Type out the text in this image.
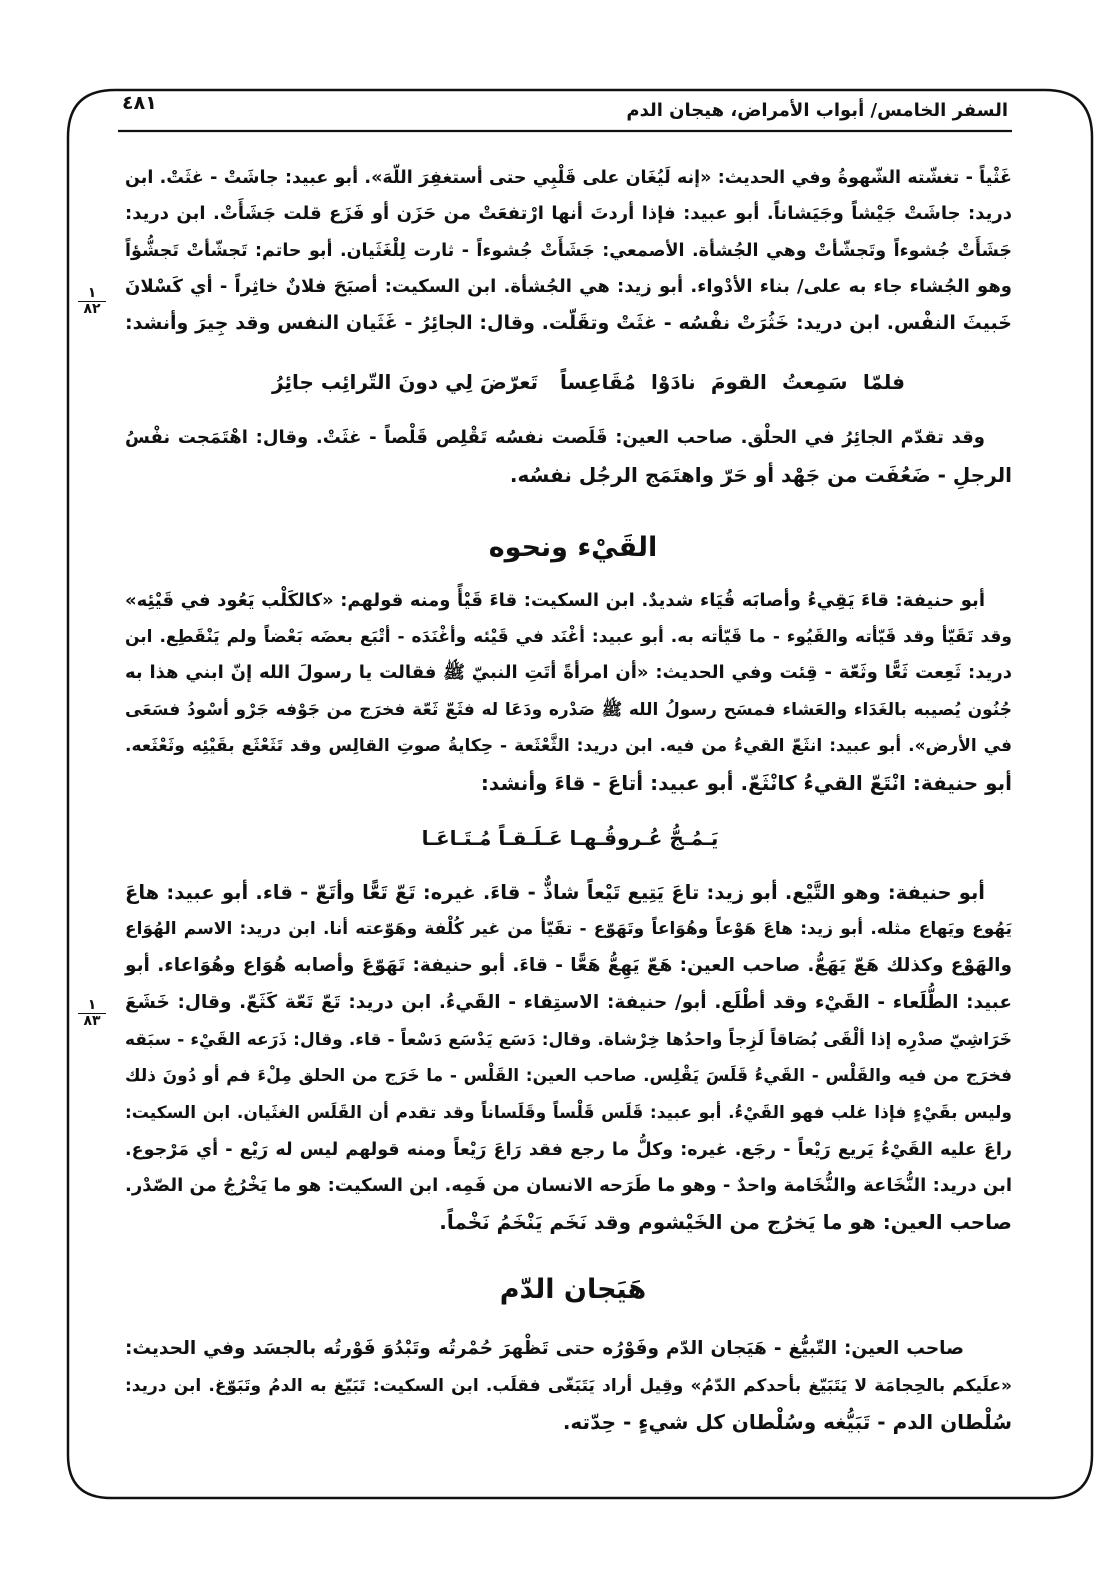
السفر الخامس/ أبواب الأمراض، هيجان الدم
٤٨١
١
٨٢
١
٨٣
غَثْياً - تغشّته الشّهوةُ وفي الحديث: «إنه لَيُغَان على قَلْبِي حتى أستغفِرَ اللّهَ». أبو عبيد: جاشَتْ - غثَتْ. ابن
دريد: جاشَتْ جَيْشاً وجَيَشاناً. أبو عبيد: فإذا أردتَ أنها ارْتفعَتْ من حَزَن أو فَزَع قلت جَشَأَتْ. ابن دريد:
جَشَأَتْ جُشوءاً وتَجشّأتْ وهي الجُشأة. الأصمعي: جَشَأَتْ جُشوءاً - ثارت لِلْغَثَيان. أبو حاتم: تَجشّأتْ تَجشُّؤاً
وهو الجُشاء جاء به على/ بناء الأدْواء. أبو زيد: هي الجُشأة. ابن السكيت: أصبَحَ فلانٌ خاثِراً - أي كَسْلانَ
خَبيثَ النفْس. ابن دريد: خَثُرَتْ نفْسُه - غثَتْ وتقَلّت. وقال: الجائِرُ - غَثَيان النفس وقد جِيرَ وأنشد:
فلمّا سَمِعتُ القومَ نادَوْا مُقَاعِساً
تَعرّضَ لِي دونَ التّرائِب جائِرُ
وقد تقدّم الجائِرُ في الحلْق. صاحب العين: قَلَصت نفسُه تَقْلِص قَلْصاً - غثَتْ. وقال: اهْتَمَجت نفْسُ
الرجلِ - ضَعُفَت من جَهْد أو حَرّ واهتَمَج الرجُل نفسُه.
القَيْء ونحوه
أبو حنيفة: قاءَ يَقِيءُ وأصابَه قُيَاء شديدٌ. ابن السكيت: قاءَ قَيْأً ومنه قولهم: «كالكَلْب يَعُود في قَيْئِه»
وقد تَقَيّأ وقد قَيّأته والقَيُوء - ما قَيّأته به. أبو عبيد: أغْنَد في قَيْئه وأغْنَدَه - أتْبَع بعضَه بَعْضاً ولم يَنْقَطِع. ابن
دريد: ثَعِعت ثَعًّا وثَعّة - قِئت وفي الحديث: «أن امرأةً أتَتِ النبيّ ﷺ فقالت يا رسولَ الله إنّ ابني هذا به
جُنُون يُصيبه بالغَدَاء والعَشاء فمسَح رسولُ الله ﷺ صَدْره ودَعَا له فثَعّ ثَعّة فخرَج من جَوْفه جَرْو أسْودُ فسَعَى
في الأرض». أبو عبيد: انثَعّ القيءُ من فيه. ابن دريد: الثَّعْثَعة - حِكايةُ صوتِ القالِس وقد تَثَعْثَع بقَيْئِه وثَعْثَعه.
أبو حنيفة: انْتَعّ القيءُ كانْثَعّ. أبو عبيد: أتاعَ - قاءَ وأنشد:
يَـمُـجُّ عُـروقُـهـا عَـلَـقـاً مُـتَـاعَـا
أبو حنيفة: وهو التَّيْع. أبو زيد: تاعَ يَتِيع تَيْعاً شاذٌّ - قاءَ. غيره: تَعّ تَعًّا وأتَعّ - قاء. أبو عبيد: هاعَ
يَهُوع ويَهاع مثله. أبو زيد: هاعَ هَوْعاً وهُوَاعاً وتَهَوّع - تقَيّأ من غير كُلْفة وهَوّعته أنا. ابن دريد: الاسم الهُوَاع
والهَوْع وكذلك هَعّ يَهَعُّ. صاحب العين: هَعّ يَهِعُّ هَعًّا - قاءَ. أبو حنيفة: تَهَوّعَ وأصابه هُوَاع وهُوَاعاء. أبو
عبيد: الطُّلَعاء - القَيْء وقد أطْلَع. أبو/ حنيفة: الاستِقاء - القَيءُ. ابن دريد: تَعّ تَعّة كَثَعّ. وقال: خَشَعَ
خَرَاشِيّ صدْرِه إذا ألْقَى بُصَاقاً لَزِجاً واحدُها خِرْشاة. وقال: دَسَع يَدْسَع دَسْعاً - قاء. وقال: ذَرَعه القَيْء - سبَقه
فخرَج من فيه والقَلْس - القَيءُ قَلَسَ يَقْلِس. صاحب العين: القَلْس - ما خَرَج من الحلق مِلْءَ فم أو دُونَ ذلك
وليس بقَيْءٍ فإذا غلب فهو القَيْءُ. أبو عبيد: قَلَس قَلْساً وقَلَساناً وقد تقدم أن القَلَس الغثَيان. ابن السكيت:
راعَ عليه القَيْءُ يَريع رَيْعاً - رجَع. غيره: وكلُّ ما رجع فقد رَاعَ رَيْعاً ومنه قولهم ليس له رَيْع - أي مَرْجوع.
ابن دريد: النُّخَاعة والنُّخَامة واحدٌ - وهو ما طَرَحه الانسان من فَمِه. ابن السكيت: هو ما يَخْرُجُ من الصّدْر.
صاحب العين: هو ما يَخرُج من الخَيْشوم وقد نَخَم يَنْخَمُ نَخْماً.
هَيَجان الدّم
صاحب العين: التّبيُّغ - هَيَجان الدّم وفَوْرُه حتى تَظْهرَ حُمْرتُه وتَبْدُوَ فَوْرتُه بالجسَد وفي الحديث:
«علَيكم بالحِجامَة لا يَتَبَيّغ بأحدكم الدّمُ» وقِيل أراد يَتَبَغّى فقلَب. ابن السكيت: تَبَيّغ به الدمُ وتَبَوّغ. ابن دريد:
سُلْطان الدم - تَبَيُّغه وسُلْطان كل شيءٍ - حِدّته.
